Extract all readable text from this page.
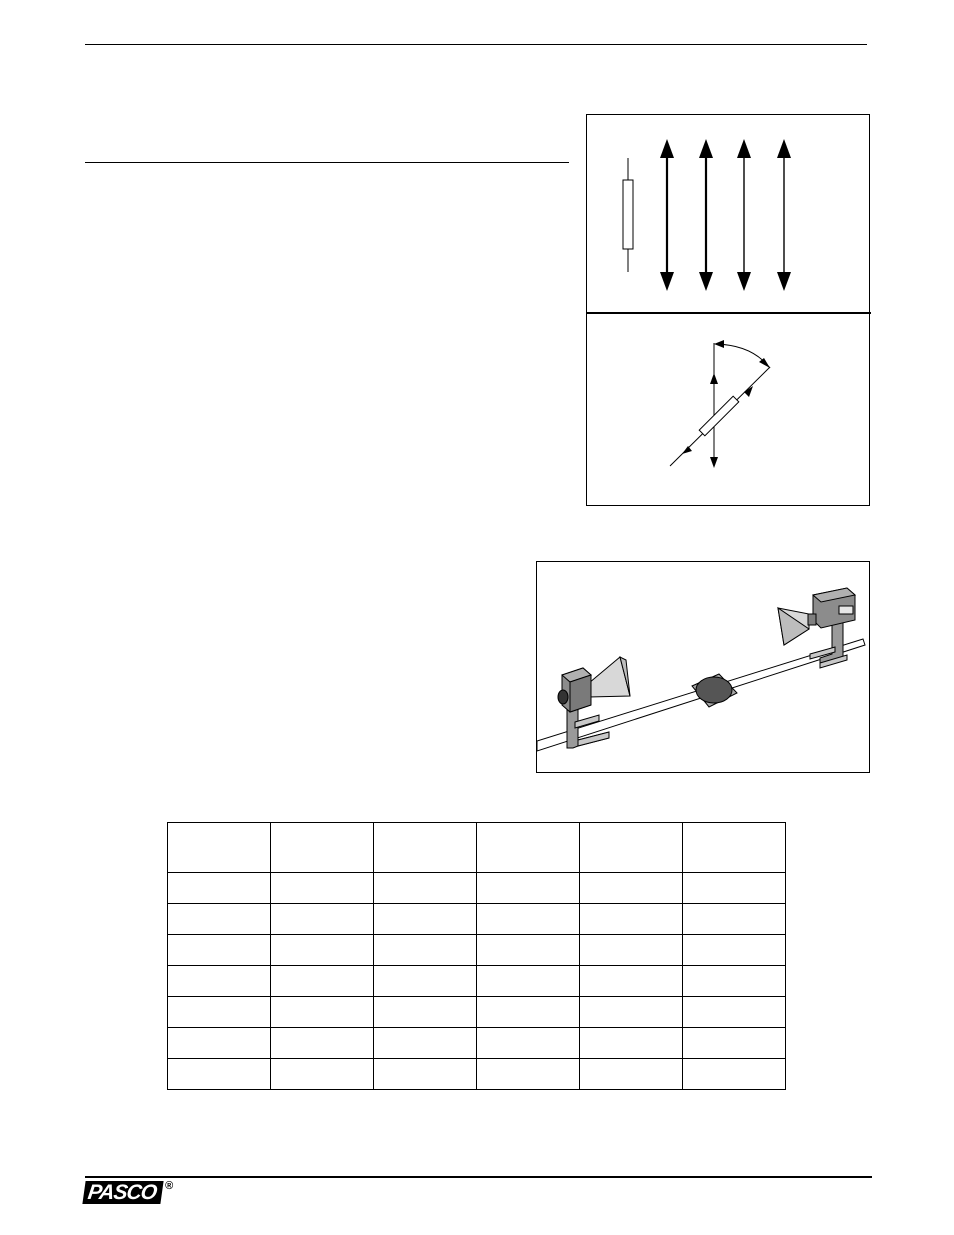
PASCO ®
